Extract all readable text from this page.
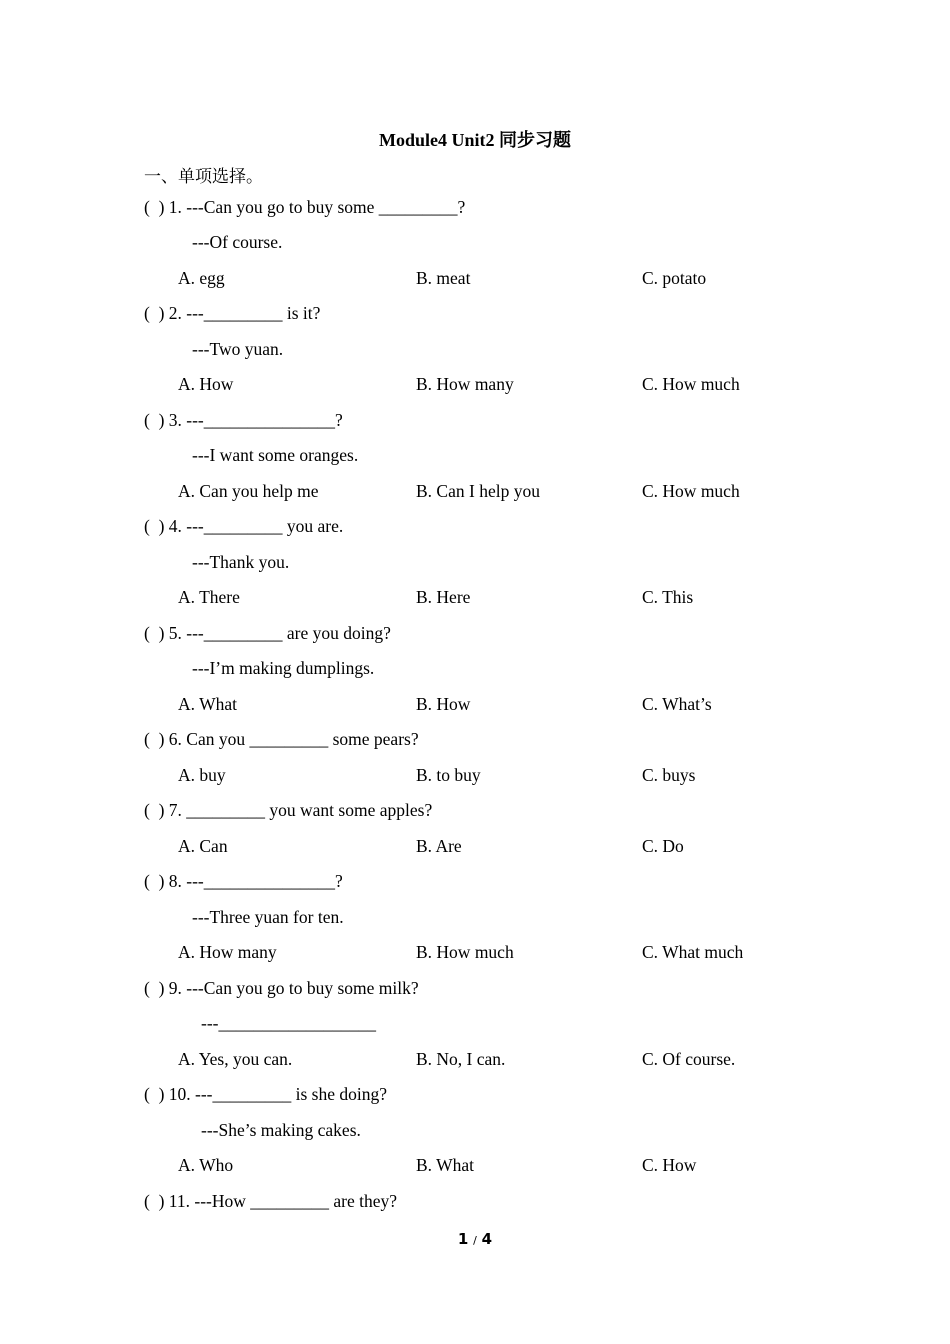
Module4 Unit2 同步习题
一、单项选择。
(  ) 1. ---Can you go to buy some _________?
---Of course.
A. egg	B. meat	C. potato
(  ) 2. ---_________ is it?
---Two yuan.
A. How	B. How many	C. How much
(  ) 3. ---_______________?
---I want some oranges.
A. Can you help me	B. Can I help you	C. How much
(  ) 4. ---_________ you are.
---Thank you.
A. There	B. Here	C. This
(  ) 5. ---_________ are you doing?
---I’m making dumplings.
A. What	B. How	C. What’s
(  ) 6. Can you _________ some pears?
A. buy	B. to buy	C. buys
(  ) 7. _________ you want some apples?
A. Can	B. Are	C. Do
(  ) 8. ---_______________?
---Three yuan for ten.
A. How many	B. How much	C. What much
(  ) 9. ---Can you go to buy some milk?
---__________________
A. Yes, you can.	B. No, I can.	C. Of course.
(  ) 10. ---_________ is she doing?
---She’s making cakes.
A. Who	B. What	C. How
(  ) 11. ---How _________ are they?
1 / 4
